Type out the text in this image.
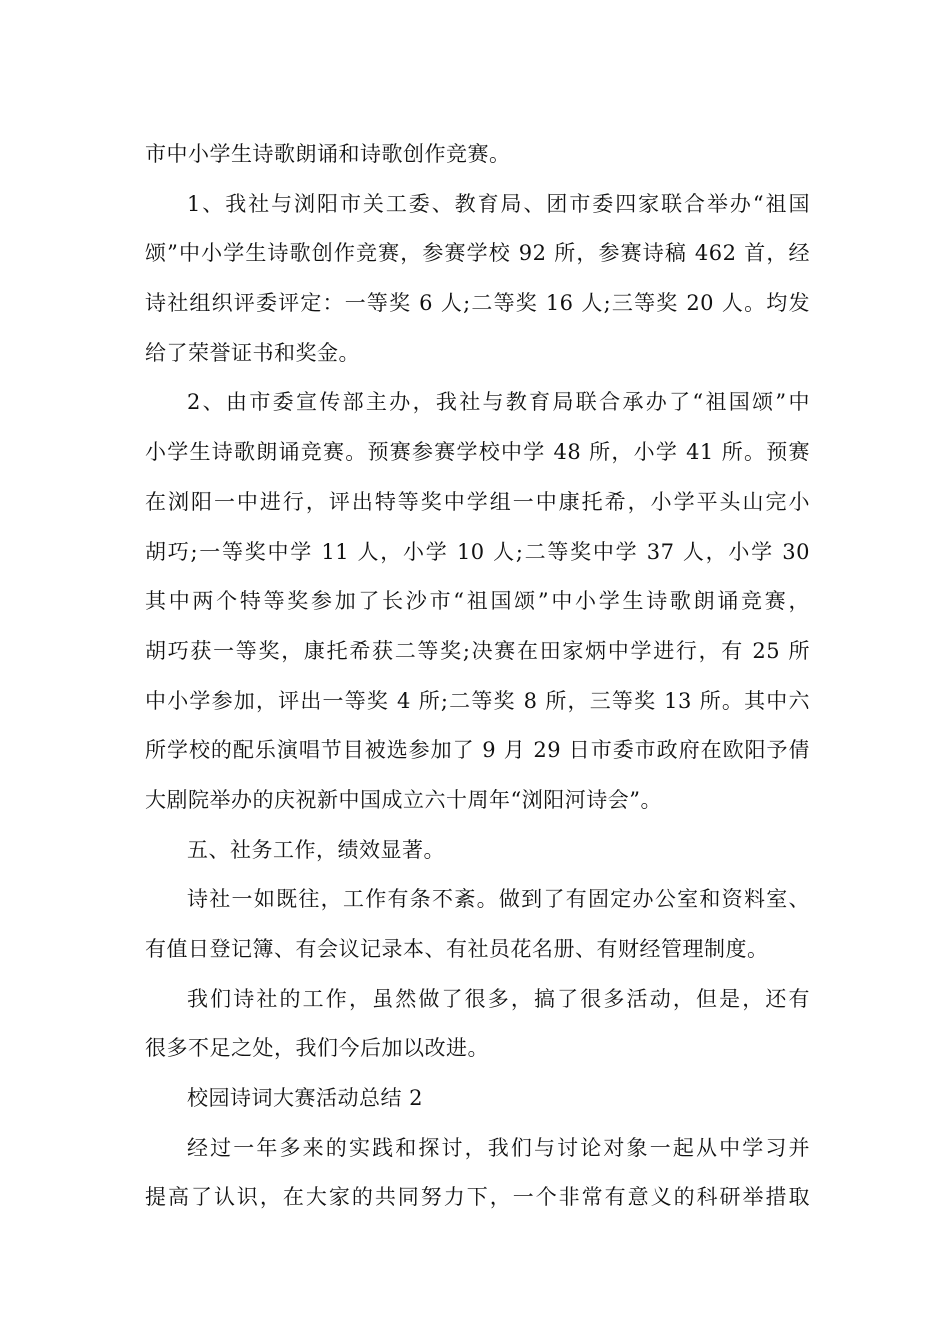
市中小学生诗歌朗诵和诗歌创作竞赛。
1、我社与浏阳市关工委、教育局、团市委四家联合举办“祖国
颂”中小学生诗歌创作竞赛，参赛学校 92 所，参赛诗稿 462 首，经
诗社组织评委评定：一等奖 6 人;二等奖 16 人;三等奖 20 人。均发
给了荣誉证书和奖金。
2、由市委宣传部主办，我社与教育局联合承办了“祖国颂”中
小学生诗歌朗诵竞赛。预赛参赛学校中学 48 所，小学 41 所。预赛
在浏阳一中进行，评出特等奖中学组一中康托希，小学平头山完小
胡巧;一等奖中学 11 人，小学 10 人;二等奖中学 37 人，小学 30
其中两个特等奖参加了长沙市“祖国颂”中小学生诗歌朗诵竞赛，
胡巧获一等奖，康托希获二等奖;决赛在田家炳中学进行，有 25 所
中小学参加，评出一等奖 4 所;二等奖 8 所，三等奖 13 所。其中六
所学校的配乐演唱节目被选参加了 9 月 29 日市委市政府在欧阳予倩
大剧院举办的庆祝新中国成立六十周年“浏阳河诗会”。
五、社务工作，绩效显著。
诗社一如既往，工作有条不紊。做到了有固定办公室和资料室、
有值日登记簿、有会议记录本、有社员花名册、有财经管理制度。
我们诗社的工作，虽然做了很多，搞了很多活动，但是，还有
很多不足之处，我们今后加以改进。
校园诗词大赛活动总结 2
经过一年多来的实践和探讨，我们与讨论对象一起从中学习并
提高了认识，在大家的共同努力下，一个非常有意义的科研举措取
